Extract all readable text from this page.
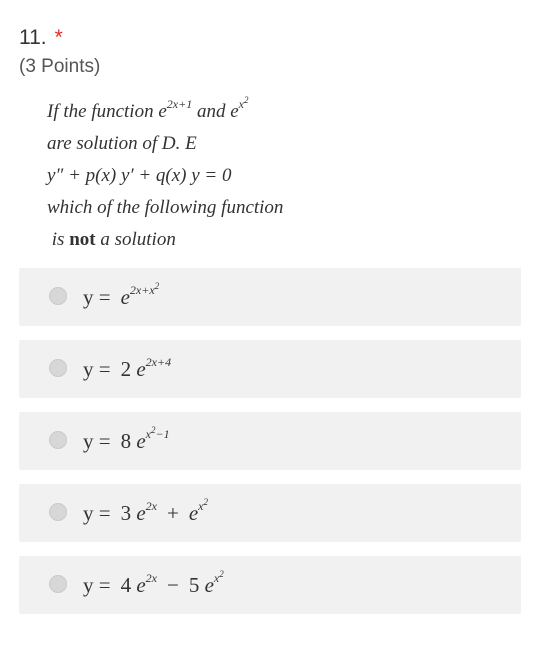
11. *
(3 Points)
If the function $e^{2x+1}$ and $e^{x^2}$
are solution of D. E
y″ + p(x) y′ + q(x) y = 0
which of the following function
is not a solution
$y = e^{2x+x^2}$
y = 2 $e^{2x+4}$
y = 8 $e^{x^2-1}$
y = 3 $e^{2x} + e^{x^2}$
y = 4 $e^{2x} - 5$ $e^{x^2}$
